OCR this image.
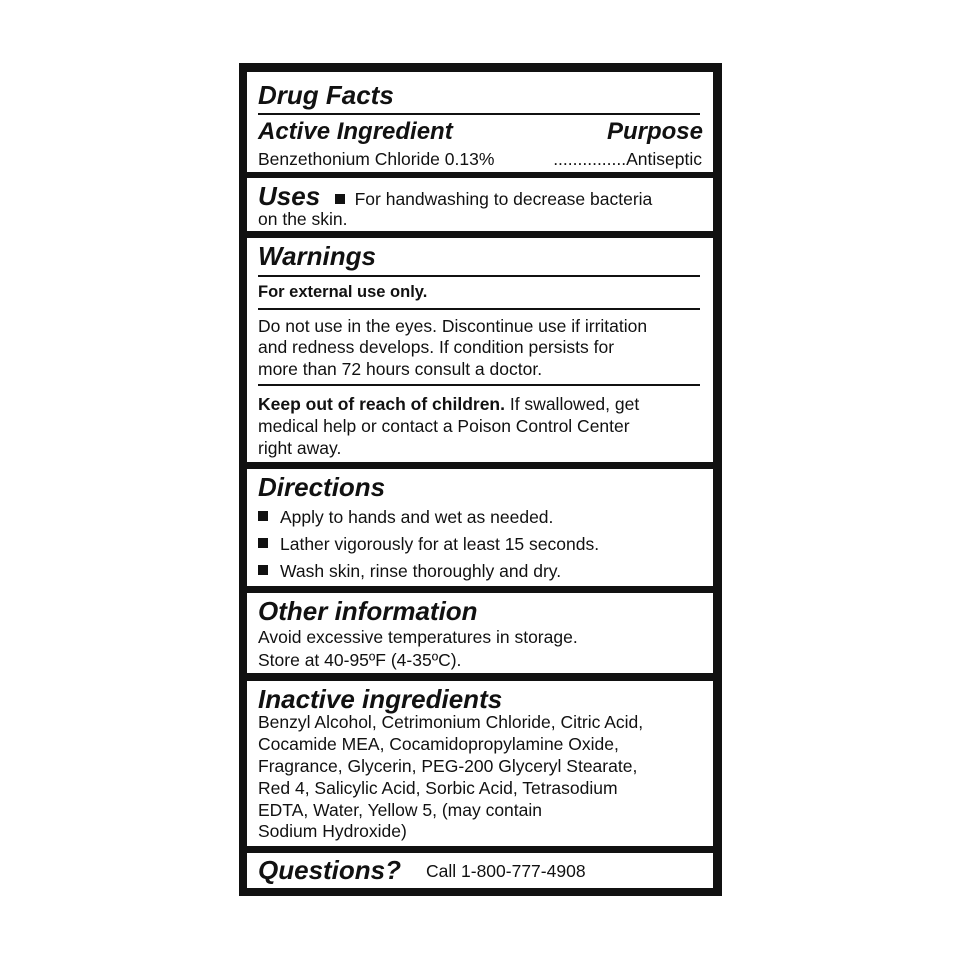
Drug Facts
Active Ingredient	Purpose
Benzethonium Chloride 0.13%	............... Antiseptic
Uses For handwashing to decrease bacteria
on the skin.
Warnings
For external use only.
Do not use in the eyes. Discontinue use if irritation
and redness develops. If condition persists for
more than 72 hours consult a doctor.
Keep out of reach of children. If swallowed, get
medical help or contact a Poison Control Center
right away.
Directions
Apply to hands and wet as needed.
Lather vigorously for at least 15 seconds.
Wash skin, rinse thoroughly and dry.
Other information
Avoid excessive temperatures in storage.
Store at 40-95ºF (4-35ºC).
Inactive ingredients
Benzyl Alcohol, Cetrimonium Chloride, Citric Acid,
Cocamide MEA, Cocamidopropylamine Oxide,
Fragrance, Glycerin, PEG-200 Glyceryl Stearate,
Red 4, Salicylic Acid, Sorbic Acid, Tetrasodium
EDTA, Water, Yellow 5, (may contain
Sodium Hydroxide)
Questions? Call 1-800-777-4908
